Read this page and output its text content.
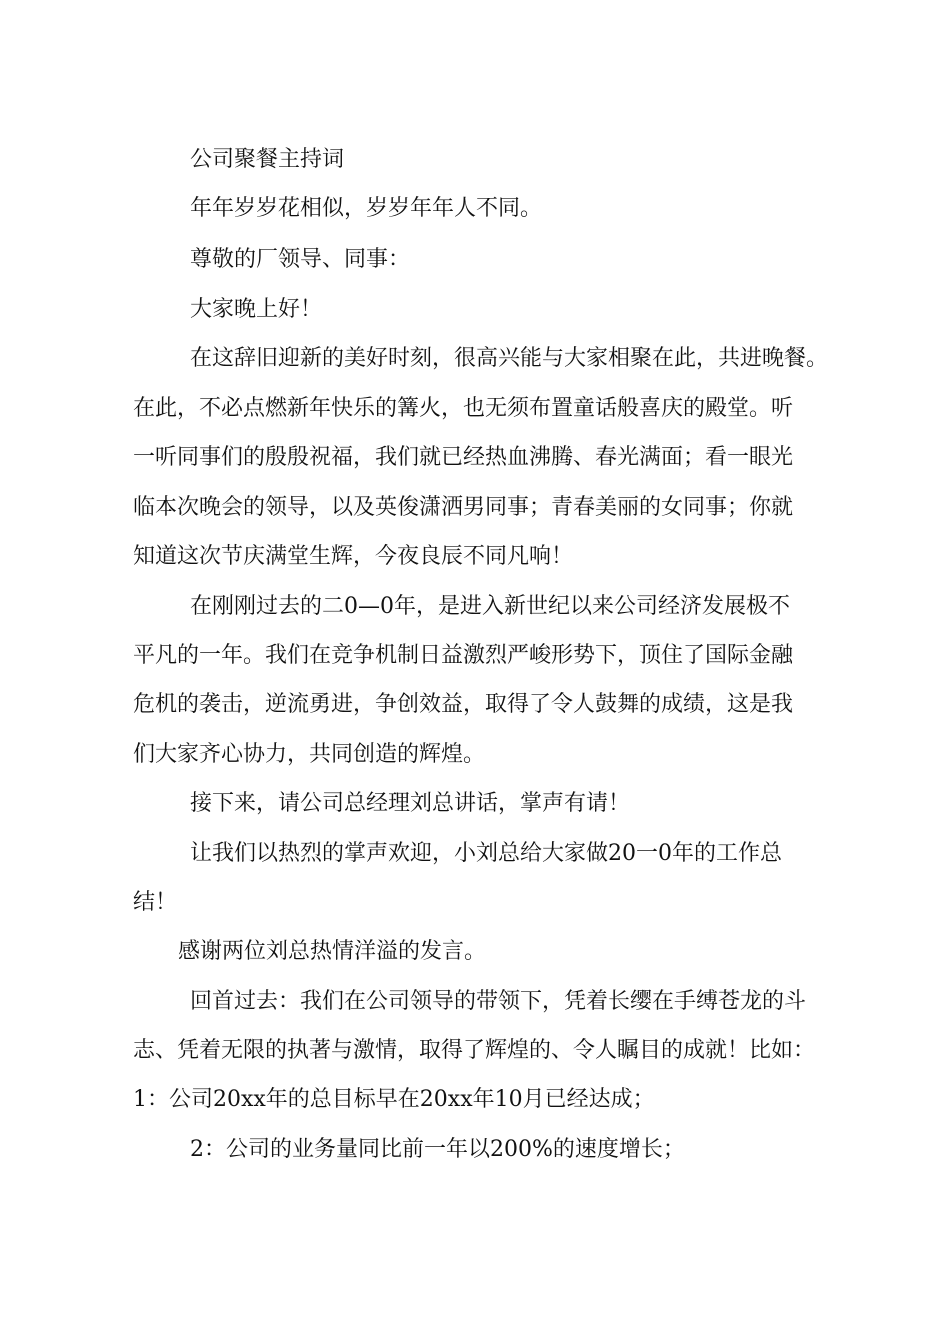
公司聚餐主持词

年年岁岁花相似，岁岁年年人不同。

尊敬的厂领导、同事：

大家晚上好！

在这辞旧迎新的美好时刻，很高兴能与大家相聚在此，共进晚餐。

在此，不必点燃新年快乐的篝火，也无须布置童话般喜庆的殿堂。听

一听同事们的殷殷祝福，我们就已经热血沸腾、春光满面；看一眼光

临本次晚会的领导，以及英俊潇洒男同事；青春美丽的女同事；你就

知道这次节庆满堂生辉，今夜良辰不同凡响！

在刚刚过去的二0—0年，是进入新世纪以来公司经济发展极不

平凡的一年。我们在竞争机制日益激烈严峻形势下，顶住了国际金融

危机的袭击，逆流勇进，争创效益，取得了令人鼓舞的成绩，这是我

们大家齐心协力，共同创造的辉煌。

接下来，请公司总经理刘总讲话，掌声有请！

让我们以热烈的掌声欢迎，小刘总给大家做20一0年的工作总

结！

感谢两位刘总热情洋溢的发言。

回首过去：我们在公司领导的带领下，凭着长缨在手缚苍龙的斗

志、凭着无限的执著与激情，取得了辉煌的、令人瞩目的成就！比如：

1：公司20xx年的总目标早在20xx年10月已经达成；

2：公司的业务量同比前一年以200%的速度增长；
